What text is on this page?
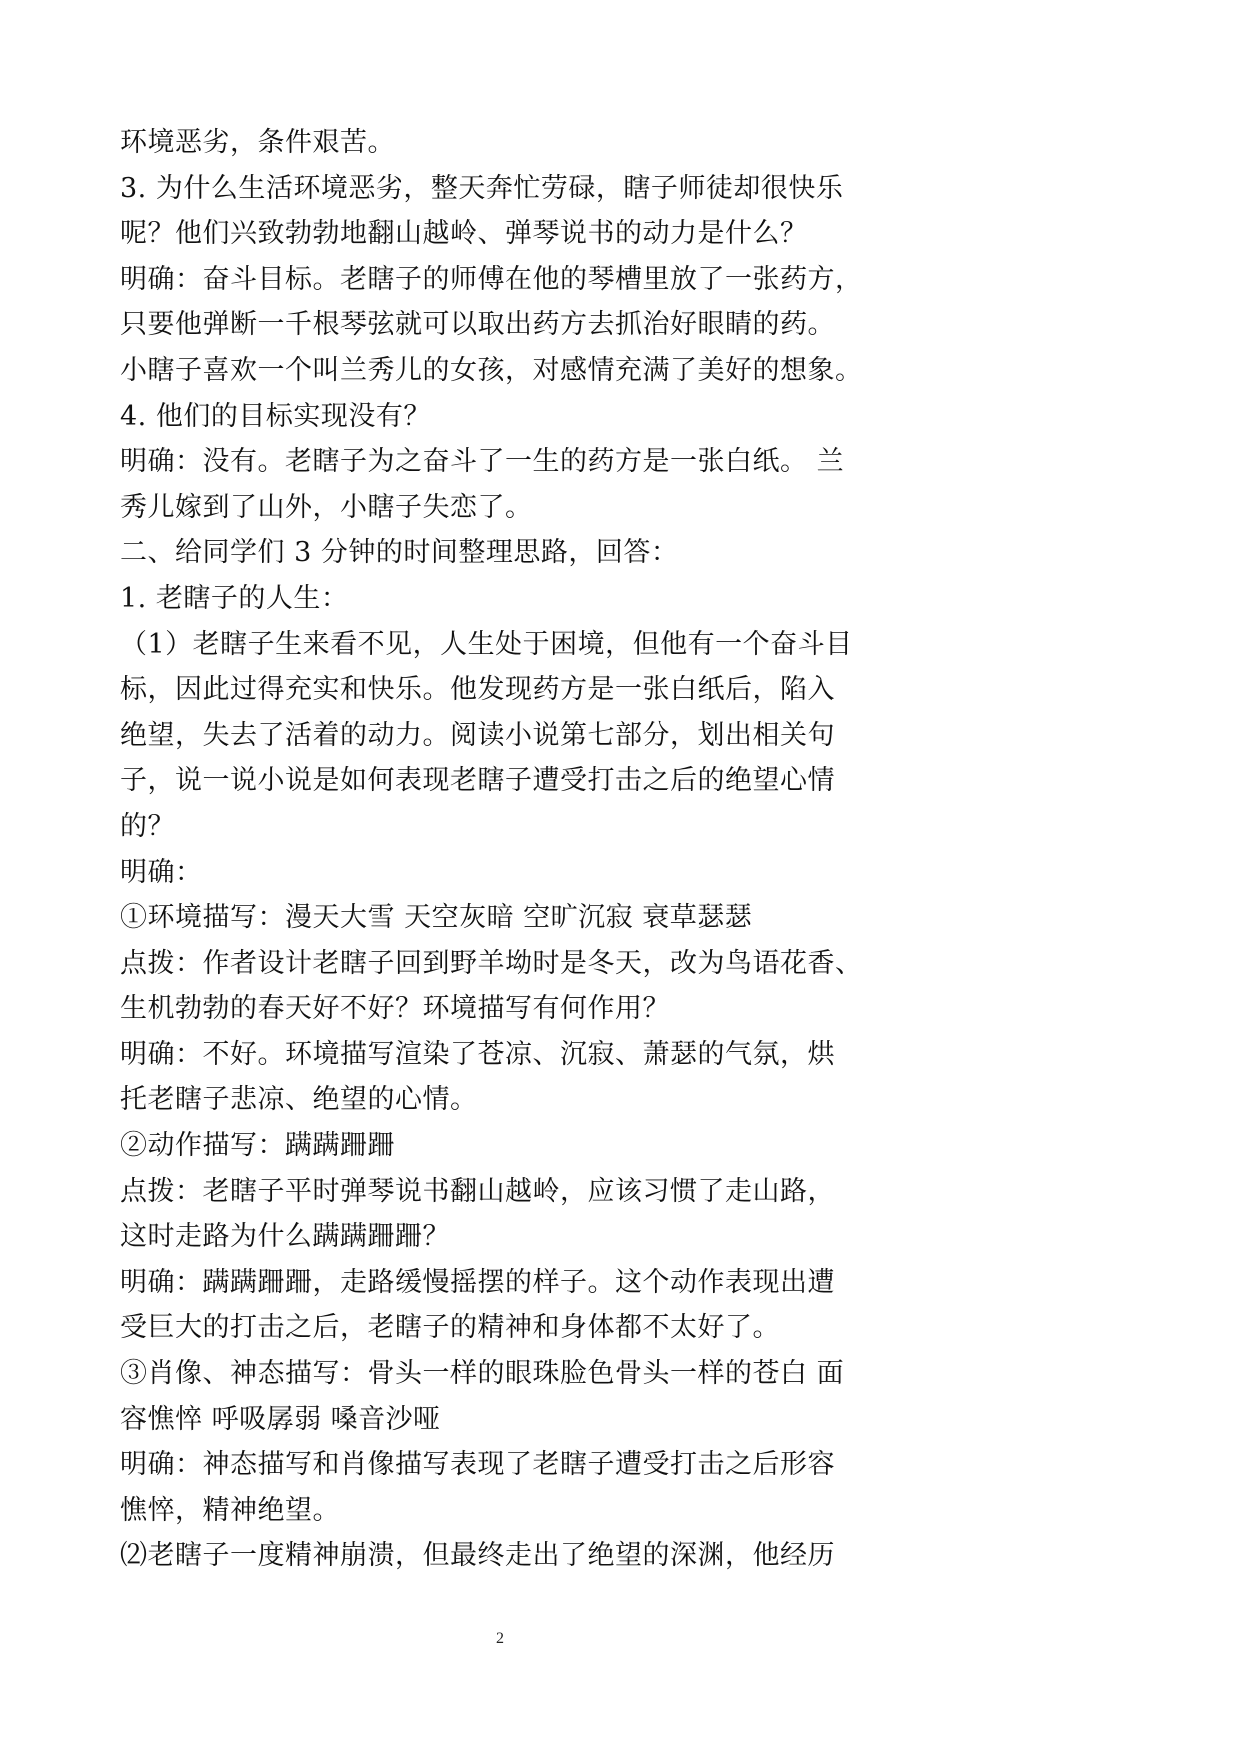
环境恶劣，条件艰苦。
3. 为什么生活环境恶劣，整天奔忙劳碌，瞎子师徒却很快乐
呢？他们兴致勃勃地翻山越岭、弹琴说书的动力是什么？
明确：奋斗目标。老瞎子的师傅在他的琴槽里放了一张药方，
只要他弹断一千根琴弦就可以取出药方去抓治好眼睛的药。
小瞎子喜欢一个叫兰秀儿的女孩，对感情充满了美好的想象。
4. 他们的目标实现没有？
明确：没有。老瞎子为之奋斗了一生的药方是一张白纸。 兰
秀儿嫁到了山外，小瞎子失恋了。
二、给同学们 3 分钟的时间整理思路，回答：
1. 老瞎子的人生：
（1）老瞎子生来看不见，人生处于困境，但他有一个奋斗目
标，因此过得充实和快乐。他发现药方是一张白纸后，陷入
绝望，失去了活着的动力。阅读小说第七部分，划出相关句
子，说一说小说是如何表现老瞎子遭受打击之后的绝望心情
的？
明确：
①环境描写：漫天大雪 天空灰暗 空旷沉寂 衰草瑟瑟
点拨：作者设计老瞎子回到野羊坳时是冬天，改为鸟语花香、
生机勃勃的春天好不好？环境描写有何作用？
明确：不好。环境描写渲染了苍凉、沉寂、萧瑟的气氛，烘
托老瞎子悲凉、绝望的心情。
②动作描写：蹒蹒跚跚
点拨：老瞎子平时弹琴说书翻山越岭，应该习惯了走山路，
这时走路为什么蹒蹒跚跚？
明确：蹒蹒跚跚，走路缓慢摇摆的样子。这个动作表现出遭
受巨大的打击之后，老瞎子的精神和身体都不太好了。
③肖像、神态描写：骨头一样的眼珠脸色骨头一样的苍白 面
容憔悴 呼吸孱弱 嗓音沙哑
明确：神态描写和肖像描写表现了老瞎子遭受打击之后形容
憔悴，精神绝望。
⑵老瞎子一度精神崩溃，但最终走出了绝望的深渊，他经历
2
